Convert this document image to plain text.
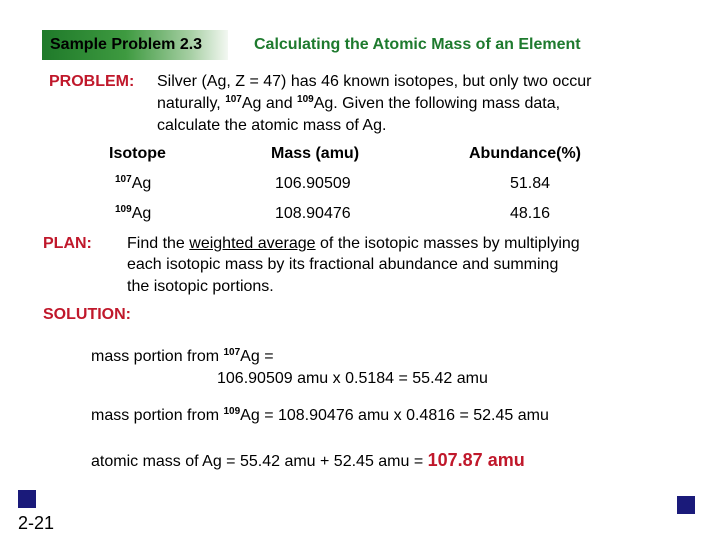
Sample Problem 2.3	Calculating the Atomic Mass of an Element
PROBLEM: Silver (Ag, Z = 47) has 46 known isotopes, but only two occur
naturally, $^{107}$Ag and $^{109}$Ag. Given the following mass data,
calculate the atomic mass of Ag.
Isotope	Mass (amu)	Abundance(%)
$^{107}$Ag	106.90509	51.84
$^{109}$Ag	108.90476	48.16
PLAN: Find the weighted average of the isotopic masses by multiplying
each isotopic mass by its fractional abundance and summing
the isotopic portions.
SOLUTION:
mass portion from $^{107}$Ag =
106.90509 amu x 0.5184 = 55.42 amu
mass portion from $^{109}$Ag = 108.90476 amu x 0.4816 = 52.45 amu
atomic mass of Ag = 55.42 amu + 52.45 amu = 107.87 amu
2-21
